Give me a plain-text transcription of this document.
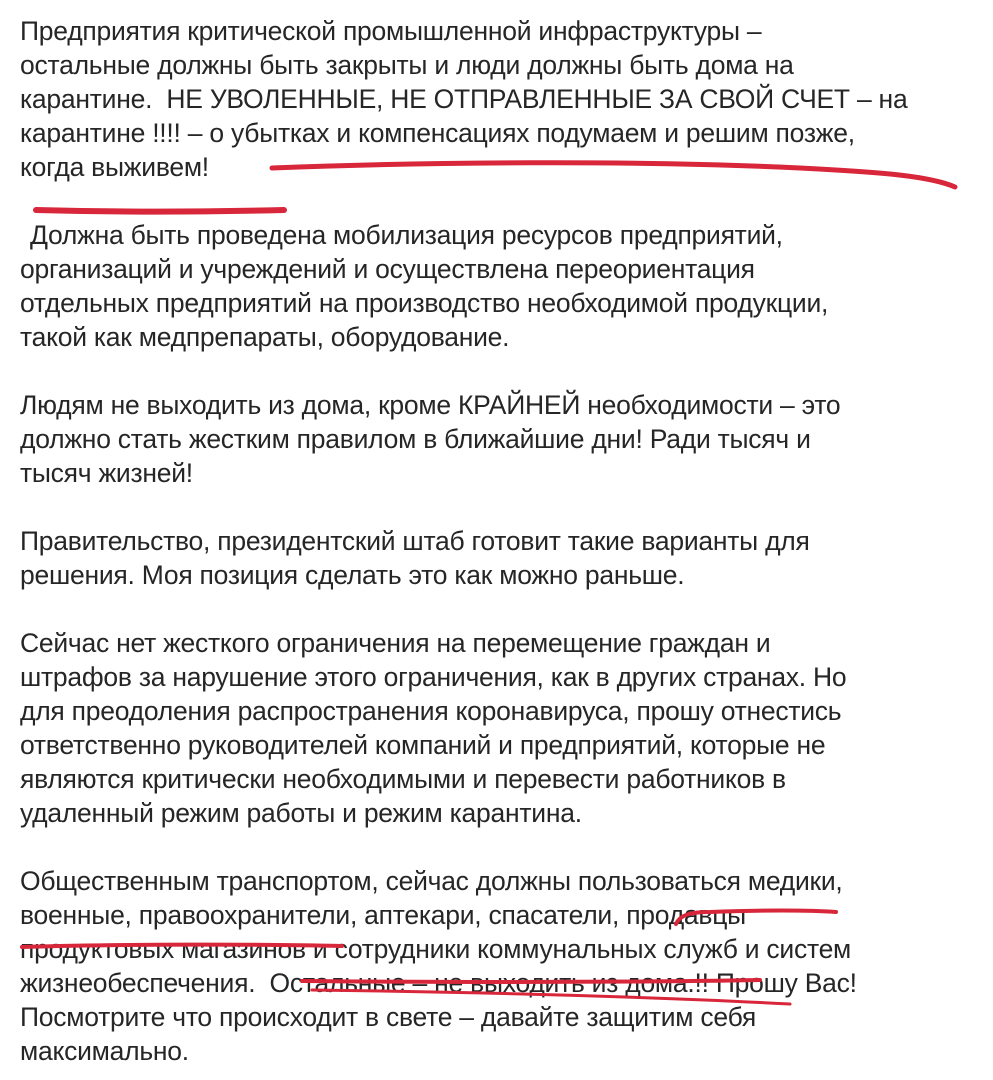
Предприятия критической промышленной инфраструктуры –
остальные должны быть закрыты и люди должны быть дома на
карантине.  НЕ УВОЛЕННЫЕ, НЕ ОТПРАВЛЕННЫЕ ЗА СВОЙ СЧЕТ – на
карантине !!!! – о убытках и компенсациях подумаем и решим позже,
когда выживем!

Должна быть проведена мобилизация ресурсов предприятий,

организаций и учреждений и осуществлена переориентация
отдельных предприятий на производство необходимой продукции,
такой как медпрепараты, оборудование.

Людям не выходить из дома, кроме КРАЙНЕЙ необходимости – это
должно стать жестким правилом в ближайшие дни! Ради тысяч и
тысяч жизней!

Правительство, президентский штаб готовит такие варианты для
решения. Моя позиция сделать это как можно раньше.

Сейчас нет жесткого ограничения на перемещение граждан и
штрафов за нарушение этого ограничения, как в других странах. Но
для преодоления распространения коронавируса, прошу отнестись
ответственно руководителей компаний и предприятий, которые не
являются критически необходимыми и перевести работников в
удаленный режим работы и режим карантина.

Общественным транспортом, сейчас должны пользоваться медики,
военные, правоохранители, аптекари, спасатели, продавцы
продуктовых магазинов и сотрудники коммунальных служб и систем
жизнеобеспечения.  Остальные – не выходить из дома.!! Прошу Вас!
Посмотрите что происходит в свете – давайте защитим себя
максимально.
